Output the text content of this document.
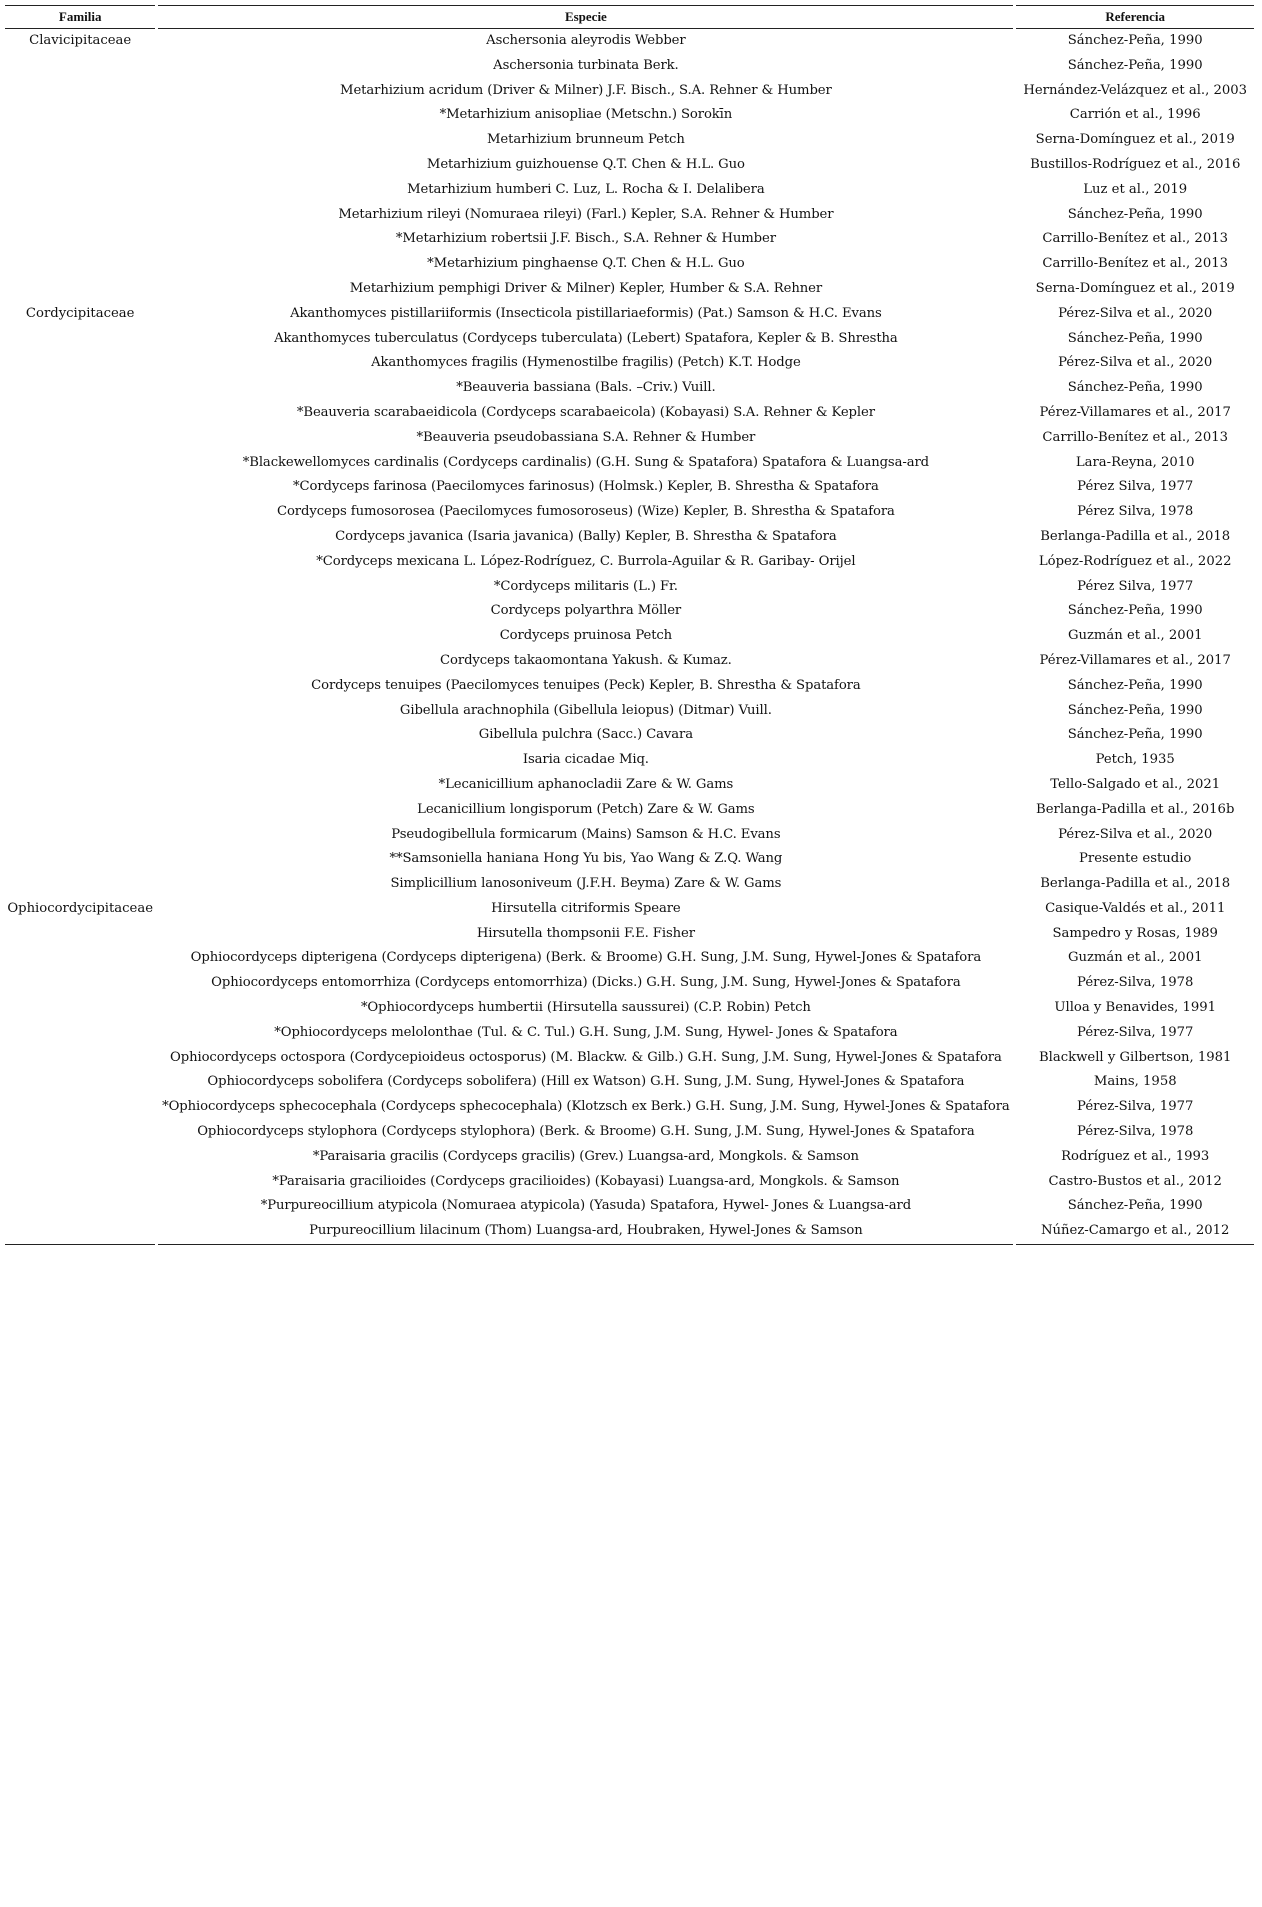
Familia	Especie	Referencia
Clavicipitaceae	Aschersonia aleyrodis Webber	Sánchez-Peña, 1990
	Aschersonia turbinata Berk.	Sánchez-Peña, 1990
	Metarhizium acridum (Driver & Milner) J.F. Bisch., S.A. Rehner & Humber	Hernández-Velázquez et al., 2003
	*Metarhizium anisopliae (Metschn.) Sorokīn	Carrión et al., 1996
	Metarhizium brunneum Petch	Serna-Domínguez et al., 2019
	Metarhizium guizhouense Q.T. Chen & H.L. Guo	Bustillos-Rodríguez et al., 2016
	Metarhizium humberi C. Luz, L. Rocha & I. Delalibera	Luz et al., 2019
	Metarhizium rileyi (Nomuraea rileyi) (Farl.) Kepler, S.A. Rehner & Humber	Sánchez-Peña, 1990
	*Metarhizium robertsii J.F. Bisch., S.A. Rehner & Humber	Carrillo-Benítez et al., 2013
	*Metarhizium pinghaense Q.T. Chen & H.L. Guo	Carrillo-Benítez et al., 2013
	Metarhizium pemphigi Driver & Milner) Kepler, Humber & S.A. Rehner	Serna-Domínguez et al., 2019
Cordycipitaceae	Akanthomyces pistillariiformis (Insecticola pistillariaeformis) (Pat.) Samson & H.C. Evans	Pérez-Silva et al., 2020
	Akanthomyces tuberculatus (Cordyceps tuberculata) (Lebert) Spatafora, Kepler & B. Shrestha	Sánchez-Peña, 1990
	Akanthomyces fragilis (Hymenostilbe fragilis) (Petch) K.T. Hodge	Pérez-Silva et al., 2020
	*Beauveria bassiana (Bals. –Criv.) Vuill.	Sánchez-Peña, 1990
	*Beauveria scarabaeidicola (Cordyceps scarabaeicola) (Kobayasi) S.A. Rehner & Kepler	Pérez-Villamares et al., 2017
	*Beauveria pseudobassiana S.A. Rehner & Humber	Carrillo-Benítez et al., 2013
	*Blackewellomyces cardinalis (Cordyceps cardinalis) (G.H. Sung & Spatafora) Spatafora & Luangsa-ard	Lara-Reyna, 2010
	*Cordyceps farinosa (Paecilomyces farinosus) (Holmsk.) Kepler, B. Shrestha & Spatafora	Pérez Silva, 1977
	Cordyceps fumosorosea (Paecilomyces fumosoroseus) (Wize) Kepler, B. Shrestha & Spatafora	Pérez Silva, 1978
	Cordyceps javanica (Isaria javanica) (Bally) Kepler, B. Shrestha & Spatafora	Berlanga-Padilla et al., 2018
	*Cordyceps mexicana L. López-Rodríguez, C. Burrola-Aguilar & R. Garibay- Orijel	López-Rodríguez et al., 2022
	*Cordyceps militaris (L.) Fr.	Pérez Silva, 1977
	Cordyceps polyarthra Möller	Sánchez-Peña, 1990
	Cordyceps pruinosa Petch	Guzmán et al., 2001
	Cordyceps takaomontana Yakush. & Kumaz.	Pérez-Villamares et al., 2017
	Cordyceps tenuipes (Paecilomyces tenuipes (Peck) Kepler, B. Shrestha & Spatafora	Sánchez-Peña, 1990
	Gibellula arachnophila (Gibellula leiopus) (Ditmar) Vuill.	Sánchez-Peña, 1990
	Gibellula pulchra (Sacc.) Cavara	Sánchez-Peña, 1990
	Isaria cicadae Miq.	Petch, 1935
	*Lecanicillium aphanocladii Zare & W. Gams	Tello-Salgado et al., 2021
	Lecanicillium longisporum (Petch) Zare & W. Gams	Berlanga-Padilla et al., 2016b
	Pseudogibellula formicarum (Mains) Samson & H.C. Evans	Pérez-Silva et al., 2020
	**Samsoniella haniana Hong Yu bis, Yao Wang & Z.Q. Wang	Presente estudio
	Simplicillium lanosoniveum (J.F.H. Beyma) Zare & W. Gams	Berlanga-Padilla et al., 2018
Ophiocordycipitaceae	Hirsutella citriformis Speare	Casique-Valdés et al., 2011
	Hirsutella thompsonii F.E. Fisher	Sampedro y Rosas, 1989
	Ophiocordyceps dipterigena (Cordyceps dipterigena) (Berk. & Broome) G.H. Sung, J.M. Sung, Hywel-Jones & Spatafora	Guzmán et al., 2001
	Ophiocordyceps entomorrhiza (Cordyceps entomorrhiza) (Dicks.) G.H. Sung, J.M. Sung, Hywel-Jones & Spatafora	Pérez-Silva, 1978
	*Ophiocordyceps humbertii (Hirsutella saussurei) (C.P. Robin) Petch	Ulloa y Benavides, 1991
	*Ophiocordyceps melolonthae (Tul. & C. Tul.) G.H. Sung, J.M. Sung, Hywel- Jones & Spatafora	Pérez-Silva, 1977
	Ophiocordyceps octospora (Cordycepioideus octosporus) (M. Blackw. & Gilb.) G.H. Sung, J.M. Sung, Hywel-Jones & Spatafora	Blackwell y Gilbertson, 1981
	Ophiocordyceps sobolifera (Cordyceps sobolifera) (Hill ex Watson) G.H. Sung, J.M. Sung, Hywel-Jones & Spatafora	Mains, 1958
	*Ophiocordyceps sphecocephala (Cordyceps sphecocephala) (Klotzsch ex Berk.) G.H. Sung, J.M. Sung, Hywel-Jones & Spatafora	Pérez-Silva, 1977
	Ophiocordyceps stylophora (Cordyceps stylophora) (Berk. & Broome) G.H. Sung, J.M. Sung, Hywel-Jones & Spatafora	Pérez-Silva, 1978
	*Paraisaria gracilis (Cordyceps gracilis) (Grev.) Luangsa-ard, Mongkols. & Samson	Rodríguez et al., 1993
	*Paraisaria gracilioides (Cordyceps gracilioides) (Kobayasi) Luangsa-ard, Mongkols. & Samson	Castro-Bustos et al., 2012
	*Purpureocillium atypicola (Nomuraea atypicola) (Yasuda) Spatafora, Hywel- Jones & Luangsa-ard	Sánchez-Peña, 1990
	Purpureocillium lilacinum (Thom) Luangsa-ard, Houbraken, Hywel-Jones & Samson	Núñez-Camargo et al., 2012
